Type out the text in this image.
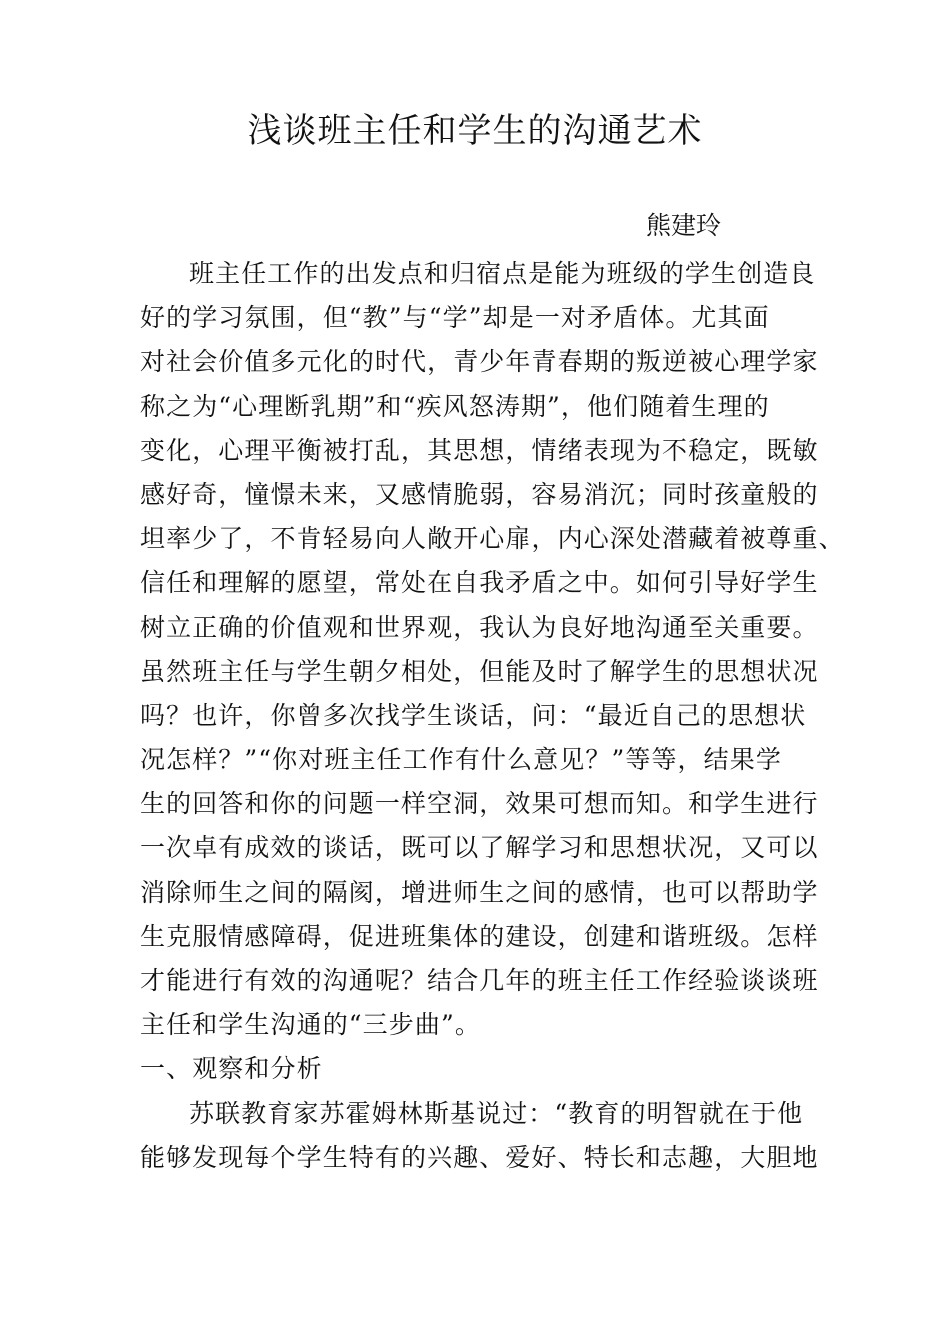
浅谈班主任和学生的沟通艺术
熊建玲
班主任工作的出发点和归宿点是能为班级的学生创造良
好的学习氛围，但“教”与“学”却是一对矛盾体。尤其面
对社会价值多元化的时代，青少年青春期的叛逆被心理学家
称之为“心理断乳期”和“疾风怒涛期”，他们随着生理的
变化，心理平衡被打乱，其思想，情绪表现为不稳定，既敏
感好奇，憧憬未来，又感情脆弱，容易消沉；同时孩童般的
坦率少了，不肯轻易向人敞开心扉，内心深处潜藏着被尊重、
信任和理解的愿望，常处在自我矛盾之中。如何引导好学生
树立正确的价值观和世界观，我认为良好地沟通至关重要。
虽然班主任与学生朝夕相处，但能及时了解学生的思想状况
吗？也许，你曾多次找学生谈话，问：“最近自己的思想状
况怎样？”“你对班主任工作有什么意见？”等等，结果学
生的回答和你的问题一样空洞，效果可想而知。和学生进行
一次卓有成效的谈话，既可以了解学习和思想状况，又可以
消除师生之间的隔阂，增进师生之间的感情，也可以帮助学
生克服情感障碍，促进班集体的建设，创建和谐班级。怎样
才能进行有效的沟通呢？结合几年的班主任工作经验谈谈班
主任和学生沟通的“三步曲”。
一、观察和分析
苏联教育家苏霍姆林斯基说过：“教育的明智就在于他
能够发现每个学生特有的兴趣、爱好、特长和志趣，大胆地
